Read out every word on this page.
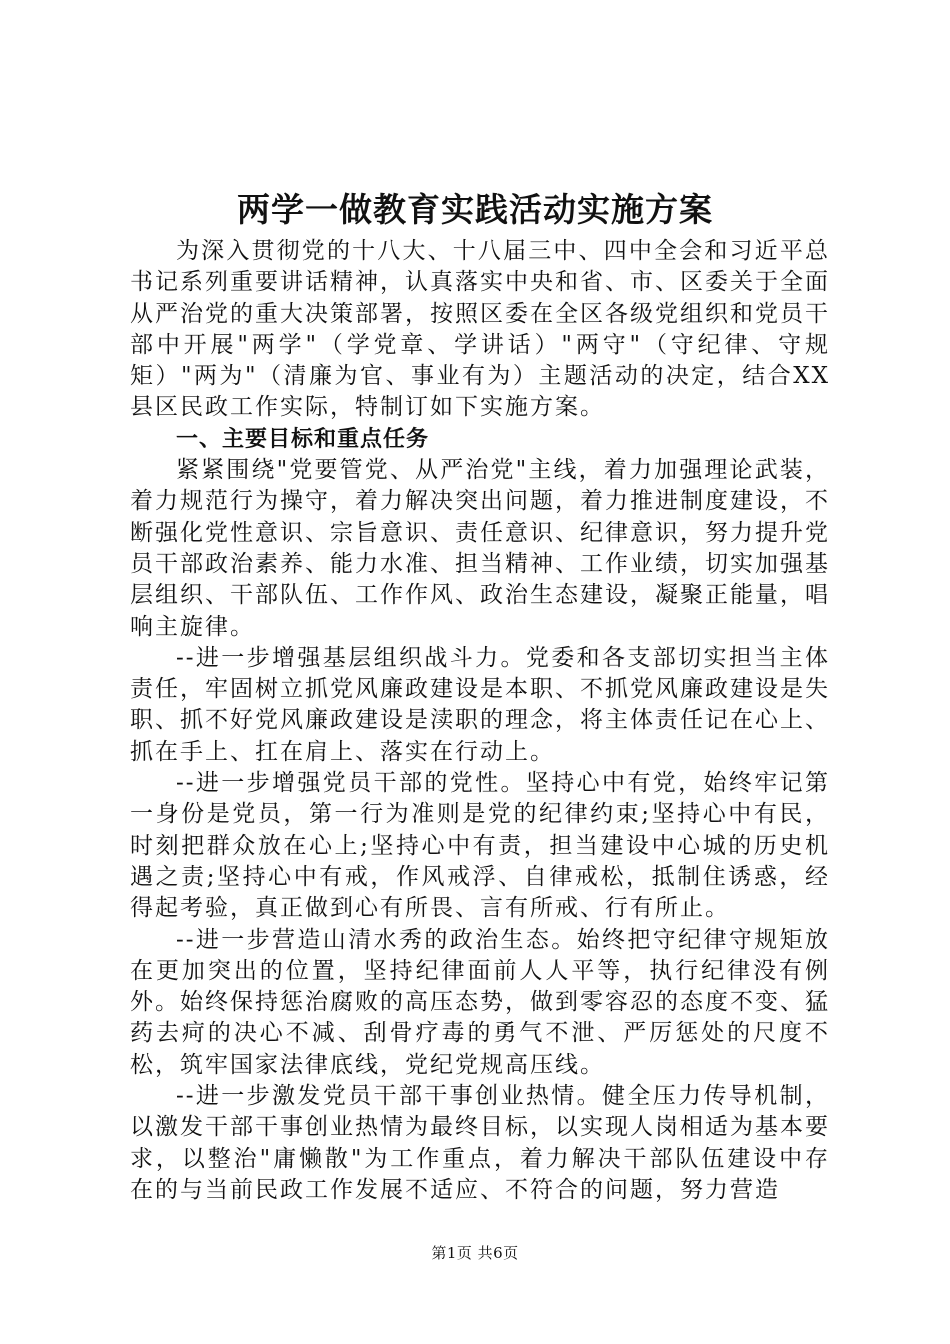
两学一做教育实践活动实施方案

为深入贯彻党的十八大、十八届三中、四中全会和习近平总书记系列重要讲话精神，认真落实中央和省、市、区委关于全面从严治党的重大决策部署，按照区委在全区各级党组织和党员干部中开展"两学"（学党章、学讲话）"两守"（守纪律、守规矩）"两为"（清廉为官、事业有为）主题活动的决定，结合XX县区民政工作实际，特制订如下实施方案。

一、主要目标和重点任务

紧紧围绕"党要管党、从严治党"主线，着力加强理论武装，着力规范行为操守，着力解决突出问题，着力推进制度建设，不断强化党性意识、宗旨意识、责任意识、纪律意识，努力提升党员干部政治素养、能力水准、担当精神、工作业绩，切实加强基层组织、干部队伍、工作作风、政治生态建设，凝聚正能量，唱响主旋律。

--进一步增强基层组织战斗力。党委和各支部切实担当主体责任，牢固树立抓党风廉政建设是本职、不抓党风廉政建设是失职、抓不好党风廉政建设是渎职的理念，将主体责任记在心上、抓在手上、扛在肩上、落实在行动上。

--进一步增强党员干部的党性。坚持心中有党，始终牢记第一身份是党员，第一行为准则是党的纪律约束;坚持心中有民，时刻把群众放在心上;坚持心中有责，担当建设中心城的历史机遇之责;坚持心中有戒，作风戒浮、自律戒松，抵制住诱惑，经得起考验，真正做到心有所畏、言有所戒、行有所止。

--进一步营造山清水秀的政治生态。始终把守纪律守规矩放在更加突出的位置，坚持纪律面前人人平等，执行纪律没有例外。始终保持惩治腐败的高压态势，做到零容忍的态度不变、猛药去疴的决心不减、刮骨疗毒的勇气不泄、严厉惩处的尺度不松，筑牢国家法律底线，党纪党规高压线。

--进一步激发党员干部干事创业热情。健全压力传导机制，以激发干部干事创业热情为最终目标，以实现人岗相适为基本要求，以整治"庸懒散"为工作重点，着力解决干部队伍建设中存在的与当前民政工作发展不适应、不符合的问题，努力营造

第1页 共6页
